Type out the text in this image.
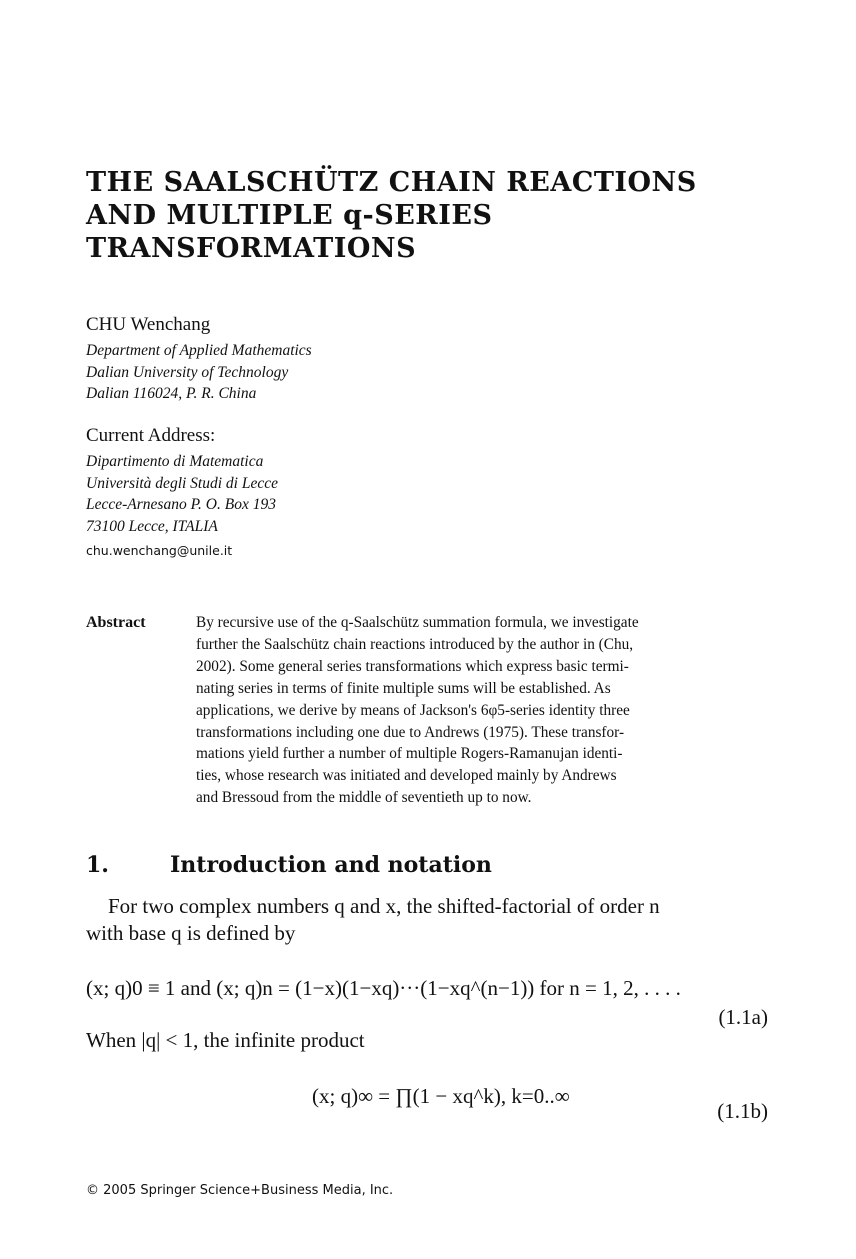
THE SAALSCHÜTZ CHAIN REACTIONS
AND MULTIPLE q-SERIES
TRANSFORMATIONS
CHU Wenchang
Department of Applied Mathematics
Dalian University of Technology
Dalian 116024, P. R. China
Current Address:
Dipartimento di Matematica
Università degli Studi di Lecce
Lecce-Arnesano P. O. Box 193
73100 Lecce, ITALIA
chu.wenchang@unile.it
Abstract	By recursive use of the q-Saalschütz summation formula, we investigate
further the Saalschütz chain reactions introduced by the author in (Chu,
2002). Some general series transformations which express basic termi-
nating series in terms of finite multiple sums will be established. As
applications, we derive by means of Jackson's 6φ5-series identity three
transformations including one due to Andrews (1975). These transfor-
mations yield further a number of multiple Rogers-Ramanujan identi-
ties, whose research was initiated and developed mainly by Andrews
and Bressoud from the middle of seventieth up to now.
1.	Introduction and notation
For two complex numbers q and x, the shifted-factorial of order n
with base q is defined by
(x; q)0 ≡ 1 and (x; q)n = (1−x)(1−xq)···(1−xq^(n−1)) for n = 1, 2, . . . .
(1.1a)
When |q| < 1, the infinite product
(x; q)∞ = ∏(1 − xq^k), k=0..∞
(1.1b)
© 2005 Springer Science+Business Media, Inc.
